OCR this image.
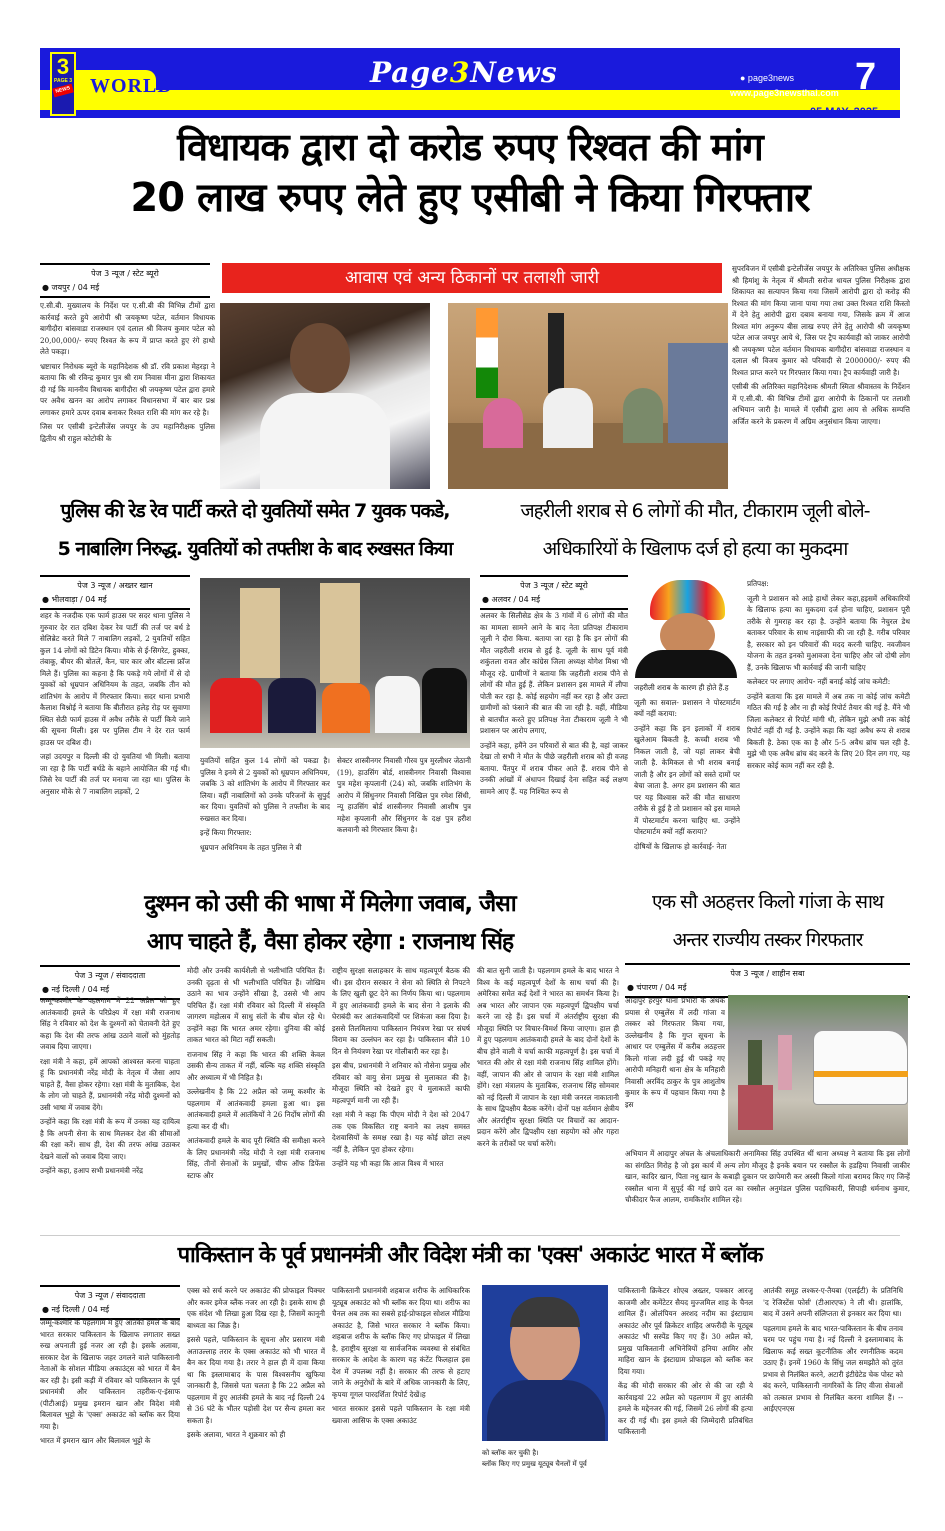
3
PAGE 3
NEWS WORLD	Page3News	● page3news
www.page3newsthai.com 7
05 MAY, 2025
विधायक द्वारा दो करोड रुपए रिश्वत की मांग
20 लाख रुपए लेते हुए एसीबी ने किया गिरफ्तार
पेज 3 न्यूज / स्टेट ब्यूरो
● जयपुर / 04 मई	आवास एवं अन्य ठिकानों पर तलाशी जारी

ए.सी.बी. मुख्यालय के निर्देश पर ए.सी.बी की विभिन्न टीमों द्वारा कार्रवाई करते हुये आरोपी श्री जयकृष्ण पटेल, वर्तमान विधायक बागीदौरा बांसवाडा राजस्थान एवं दलाल श्री विजय कुमार पटेल को 20,00,000/- रुपए रिश्वत के रूप में प्राप्त करते हुए रंगे हाथो लेते पकड़ा।

भ्रष्टाचार निरोधक ब्यूरो के महानिदेशक श्री डॉ. रवि प्रकाश मेहरड़ा ने बताया कि श्री रविन्द्र कुमार पुत्र श्री राम निवास मीना द्वारा शिकायत दी गई कि माननीय विधायक बागीदौरा श्री जयकृष्ण पटेल द्वारा हमारे पर अवैध खनन का आरोप लगाकर विधानसभा में बार बार प्रश्न लगाकर हमारे ऊपर दवाब बनाकर रिश्वत राशि की मांग कर रहे है।

जिस पर एसीबी इन्टेलीजेंस जयपुर के उप महानिरीक्षक पुलिस द्वितीय श्री राहुल कोटोकी के

सुपरविजन में एसीबी इन्टेलीजेंस जयपुर के अतिरिक्त पुलिस अधीक्षक श्री हिमांशु के नेतृत्व में श्रीमती सरोज धायल पुलिस निरीक्षक द्वारा शिकायत का सत्यापन किया गया जिसमें आरोपी द्वारा दो करोड़ की रिश्वत की मांग किया जाना पाया गया तथा उक्त रिश्वत राशि किस्तो में देने हेतु आरोपी द्वारा दबाव बनाया गया, जिसके क्रम में आज रिश्वत मांग अनुरूप बीस लाख रुपए लेने हेतु आरोपी श्री जयकृष्ण पटेल आज जयपुर आये थे, जिस पर ट्रैप कार्यवाही को जाकर आरोपी श्री जयकृष्ण पटेल वर्तमान विधायक बागीदौरा बांसवाडा राजस्थान व दलाल श्री विजय कुमार को परिवादी से 2000000/- रुपए की रिश्वत प्राप्त करने पर गिरफ्तार किया गया। ट्रैप कार्यवाही जारी है।

एसीबी की अतिरिक्त महानिदेशक श्रीमती स्मिता श्रीवास्तव के निर्देशन में ए.सी.बी. की विभिन्न टीमों द्वारा आरोपी के ठिकानों पर तलाशी अभियान जारी है। मामले में एसीबी द्वारा आय से अधिक सम्पत्ति अर्जित करने के प्रकरण में अग्रिम अनुसंधान किया जाएगा।

पुलिस की रेड रेव पार्टी करते दो युवतियों समेत 7 युवक पकडे,
5 नाबालिग निरुद्ध. युवतियों को तफ्तीश के बाद रुखसत किया
पेज 3 न्यूज / अख्तर खान
● भीलवाड़ा / 04 मई

शहर के नजदीक एक फार्म हाउस पर सदर थाना पुलिस ने गुरुवार देर रात दबिश देकर रेव पार्टी की तर्ज पर बर्थ डे सेलिब्रेट करते मिले 7 नाबालिग लड़कों, 2 युवतियों सहित कुल 14 लोगों को डिटेन किया। मौके से ई-सिगरेट, हुक्का, तंबाकू, बीयर की बोतलें, कैन, चार कार और बॉटल्स फ्रॉज मिले हैं। पुलिस का कहना है कि पकड़े गये लोगों में से दो युवकों को धूम्रपान अधिनियम के तहत, जबकि तीन को शांतिभंग के आरोप में गिरफ्तार किया। सदर थाना प्रभारी कैलाश विश्नोई ने बताया कि बीतीरात हलेड़ रोड़ पर सुवाणा स्थित सेठी फार्म हाउस में अवैध तरीके से पार्टी किये जाने की सूचना मिली। इस पर पुलिस टीम ने देर रात फार्म हाउस पर दबिश दी।

जहां उदयपुर व दिल्ली की दो युवतियां भी मिली। बताया जा रहा है कि पार्टी बर्थडे के बहाने आयोजित की गई थी। जिसे रेव पार्टी की तर्ज पर मनाया जा रहा था। पुलिस के अनुसार मौके से 7 नाबालिग लड़कों, 2

युवतियों सहित कुल 14 लोगों को पकडा है। पुलिस ने इनमे से 2 युवकों को धूम्रपान अधिनियम, जबकि 3 को शांतिभंग के आरोप में गिरफ्तार कर लिया। वहीं नाबालिगों को उनके परिजनों के सुपुर्द कर दिया। युवतियों को पुलिस ने तफ्तीश के बाद रुखसत कर दिया।

इन्हें किया गिरफ्तार:

धूम्रपान अधिनियम के तहत पुलिस ने बी

सेक्टर शास्त्रीनगर निवासी गौरव पुत्र मुरलीधर जेठानी (19), हाउसिंग बोर्ड, शास्त्रीनगर निवासी विश्वास पुत्र महेश कृपलानी (24) को, जबकि शांतिभंग के आरोप में सिंधुनगर निवासी निखिल पुत्र रमेश सिंधी, न्यू हाउसिंग बोर्ड शास्त्रीनगर निवासी आशीष पुत्र महेश कृपलानी और सिंधुनगर के दक्ष पुत्र हरीश कलवानी को गिरफ्तार किया है।

जहरीली शराब से 6 लोगों की मौत, टीकाराम जूली बोले-
अधिकारियों के खिलाफ दर्ज हो हत्या का मुकदमा
पेज 3 न्यूज / स्टेट ब्यूरो
● अलवर / 04 मई

अलवर के सिलीसेड क्षेत्र के 3 गांवों में 6 लोगों की मौत का मामला सामने आने के बाद नेता प्रतिपक्ष टीकाराम जूली ने दौरा किया. बताया जा रहा है कि इन लोगों की मौत जहरीली शराब से हुई है. जूली के साथ पूर्व मंत्री शकुंतला रावत और कांग्रेस जिला अध्यक्ष योगेश मिश्रा भी मौजूद रहे. ग्रामीणों ने बताया कि जहरीली शराब पीने से लोगों की मौत हुई हैं. लेकिन प्रशासन इस मामले में लीपा पोती कर रहा है. कोई सहयोग नहीं कर रहा है और उल्टा ग्रामीणों को फंसाने की बात की जा रही है. वहीं, मीडिया से बातचीत करते हुए प्रतिपक्ष नेता टीकाराम जूली ने भी प्रशासन पर आरोप लगाए,

उन्होंने कहा, हमैंने उन परिवारों से बात की है, वहां जाकर देखा तो सभी ने मौत के पीछे जहरीली शराब को ही वजह बताया. पैंतपुर में शराब पीकर आते हैं. शराब पीने से उनकी आंखों में अंधापन दिखाई देना सहित कई लक्षण सामने आए हैं. यह निश्चित रूप से

जहरीली शराब के कारण ही होते हैं.ह

जूली का सवाल- प्रशासन ने पोस्टमार्टम क्यों नहीं कराया:

उन्होंने कहा कि इन इलाकों में शराब खुलेआम बिकती है. कच्ची शराब भी निकल जाती है, जो यहां लाकर बेची जाती है. केमिकल से भी शराब बनाई जाती है और इन लोगों को सस्ते दामों पर बेचा जाता है. अगर हम प्रशासन की बात पर यह विश्वास करें की मौत साधारण तरीके से हुई है तो प्रशासन को इस मामले में पोस्टमार्टम करना चाहिए था. उन्होंने पोस्टमार्टम क्यों नहीं कराया?

दोषियों के खिलाफ हो कार्रवाई- नेता

प्रतिपक्ष:

जूली ने प्रशासन को आड़े हाथों लेकर कहा,हइसमें अधिकारियों के खिलाफ हत्या का मुकदमा दर्ज होना चाहिए, प्रशासन पूरी तरीके से गुमराह कर रहा है. उन्होंने बताया कि नेचुरल डेथ बताकर परिवार के साथ नाइंसाफी की जा रही है. गरीब परिवार है, सरकार को इन परिवारों की मदद करनी चाहिए. नवजीवन योजना के तहत इनको मुआवजा देना चाहिए और जो दोषी लोग हैं, उनके खिलाफ भी कार्रवाई की जानी चाहिए

कलेक्टर पर लगाए आरोप- नहीं बनाई कोई जांच कमेटी:

उन्होंने बताया कि इस मामले में अब तक ना कोई जांच कमेटी गठित की गई है और ना ही कोई रिपोर्ट तैयार की गई है. मैंने भी जिला कलेक्टर से रिपोर्ट मांगी थी, लेकिन मुझे अभी तक कोई रिपोर्ट नहीं दी गई है. उन्होंने कहा कि यहां अवैध रूप से शराब बिकती है. ठेका एक का है और 5-5 अवैध ब्रांच चल रही है. मुझे भी एक अवैध ब्रांच बंद करने के लिए 20 दिन लग गए, यह सरकार कोई काम नहीं कर रही है.

दुश्मन को उसी की भाषा में मिलेगा जवाब, जैसा
आप चाहते हैं, वैसा होकर रहेगा : राजनाथ सिंह
पेज 3 न्यूज / संवाददाता
● नई दिल्ली / 04 मई

जम्मू-कश्मीर के पहलगाम में 22 अप्रैल को हुए आतंकवादी हमले के परिप्रेक्ष्य में रक्षा मंत्री राजनाथ सिंह ने रविवार को देश के दुश्मनों को चेतावनी देते हुए कहा कि देश की तरफ आंख उठाने वालों को मुंहतोड़ जवाब दिया जाएगा।

रक्षा मंत्री ने कहा, हमें आपको आश्वस्त करना चाहता हूं कि प्रधानमंत्री नरेंद्र मोदी के नेतृत्व में जैसा आप चाहते हैं, वैसा होकर रहेगा। रक्षा मंत्री के मुताबिक, देश के लोग जो चाहते हैं, प्रधानमंत्री नरेंद्र मोदी दुश्मनों को उसी भाषा में जवाब देंगे।

उन्होंने कहा कि रक्षा मंत्री के रूप में उनका यह दायित्व है कि अपनी सेना के साथ मिलकर देश की सीमाओं की रक्षा करें। साथ ही, देश की तरफ आंख उठाकर देखने वालों को जवाब दिया जाए।

उन्होंने कहा, हआप सभी प्रधानमंत्री नरेंद्र

मोदी और उनकी कार्यशैली से भलीभांति परिचित हैं। उनकी दृढ़ता से भी भलीभांति परिचित हैं। जोखिम उठाने का भाव उन्होंने सीखा है, उससे भी आप परिचित हैं। रक्षा मंत्री रविवार को दिल्ली में संस्कृति जागरण महोत्सव में साधु संतों के बीच बोल रहे थे। उन्होंने कहा कि भारत अमर रहेगा। दुनिया की कोई ताकत भारत को मिटा नहीं सकती।

राजनाथ सिंह ने कहा कि भारत की शक्ति केवल उसकी सैन्य ताकत में नहीं, बल्कि यह शक्ति संस्कृति और अध्यात्म में भी निहित है।

उल्लेखनीय है कि 22 अप्रैल को जम्मू कश्मीर के पहलगाम में आतंकवादी हमला हुआ था। इस आतंकवादी हमले में आतंकियों ने 26 निर्दोष लोगों की हत्या कर दी थी।

आतंकवादी हमले के बाद पूरी स्थिति की समीक्षा करने के लिए प्रधानमंत्री नरेंद्र मोदी ने रक्षा मंत्री राजनाथ सिंह, तीनों सेनाओं के प्रमुखों, चीफ ऑफ डिफेंस स्टाफ और

राष्ट्रीय सुरक्षा सलाहकार के साथ महत्वपूर्ण बैठक की थी। इस दौरान सरकार ने सेना को स्थिति से निपटने के लिए खुली छूट देने का निर्णय किया था। पहलगाम में हुए आतंकवादी हमले के बाद सेना ने इलाके की घेराबंदी कर आतंकवादियों पर शिकंजा कस दिया है। इससे तिलमिलाया पाकिस्तान नियंत्रण रेखा पर संघर्ष विराम का उल्लंघन कर रहा है। पाकिस्तान बीते 10 दिन से नियंत्रण रेखा पर गोलीबारी कर रहा है।

इस बीच, प्रधानमंत्री ने शनिवार को नौसेना प्रमुख और रविवार को वायु सेना प्रमुख से मुलाकात की है। मौजूदा स्थिति को देखते हुए ये मुलाकातें काफी महत्वपूर्ण मानी जा रही हैं।

रक्षा मंत्री ने कहा कि पीएम मोदी ने देश को 2047 तक एक विकसित राष्ट्र बनाने का लक्ष्य समस्त देशवासियों के समक्ष रखा है। यह कोई छोटा लक्ष्य नहीं है, लेकिन पूरा होकर रहेगा।

उन्होंने यह भी कहा कि आज विश्व में भारत

की बात सुनी जाती है। पहलगाम हमले के बाद भारत ने विश्व के कई महत्वपूर्ण देशों के साथ चर्चा की है। अमेरिका समेत कई देशों ने भारत का समर्थन किया है। अब भारत और जापान एक महत्वपूर्ण द्विपक्षीय चर्चा करने जा रहे हैं। इस चर्चा में अंतर्राष्ट्रीय सुरक्षा की मौजूदा स्थिति पर विचार-विमर्श किया जाएगा। हाल ही में हुए पहलगाम आतंकवादी हमले के बाद दोनों देशों के बीच होने वाली ये चर्चा काफी महत्वपूर्ण है। इस चर्चा में भारत की ओर से रक्षा मंत्री राजनाथ सिंह शामिल होंगे। वहीं, जापान की ओर से जापान के रक्षा मंत्री शामिल होंगे। रक्षा मंत्रालय के मुताबिक, राजनाथ सिंह सोमवार को नई दिल्ली में जापान के रक्षा मंत्री जनरल नाकातानी के साथ द्विपक्षीय बैठक करेंगे। दोनों पक्ष वर्तमान क्षेत्रीय और अंतर्राष्ट्रीय सुरक्षा स्थिति पर विचारों का आदान-प्रदान करेंगे और द्विपक्षीय रक्षा सहयोग को और गहरा करने के तरीकों पर चर्चा करेंगे।

एक सौ अठहत्तर किलो गांजा के साथ
अन्तर राज्यीय तस्कर गिरफतार
पेज 3 न्यूज / शाहीन सबा
● चंपारण / 04 मई

आदापुर हरपुर थाना प्रभारी के अथक प्रयास से एम्बुलेंस में लदी गांजा व तस्कर को गिरफतार किया गया, उल्लेखनीय है कि गुप्त सूचना के आधार पर एम्बुलेंस में करीब अठहत्तर किलो गांजा लदी हुई थी पकड़े गए आरोपी मनिहारी थाना क्षेत्र के मनिहारी निवासी अरविंद ठाकुर के पुत्र आशुतोष कुमार के रूप में पहचान किया गया है इस

अभियान में आदापुर अंचल के अंचलाधिकारी अनामिका सिंह उपस्थित थीं थाना अध्यक्ष ने बताया कि इस लोगों का संगठित गिरोह है जो इस कार्य में अन्य लोग मौजूद है इनके बयान पर रक्सौल के हडहिया निवासी जाकीर खान, कादिर खान, पिता नधु खान के कबाड़ी दुकान पर छापेमारी कर अस्सी किलो गांजा बरामद किए गए जिन्हें रक्सौल थाना में सुपूर्द की गई छापे दल का रक्सौल अनुमंडल पुलिस पदाधिकारी, सिपाही धर्मनाथ कुमार, चौकीदार फैज आलम, रामकिशोर शामिल रहे।

पाकिस्तान के पूर्व प्रधानमंत्री और विदेश मंत्री का 'एक्स' अकाउंट भारत में ब्लॉक
पेज 3 न्यूज / संवाददाता
● नई दिल्ली / 04 मई

जम्मू-कश्मीर के पहलगाम में हुए आतंकी हमले के बाद भारत सरकार पाकिस्तान के खिलाफ लगातार सख्त रुख अपनाती हुई नजर आ रही है। इसके अलावा, सरकार देश के खिलाफ जहर उगलने वाले पाकिस्तानी नेताओं के सोशल मीडिया अकाउंट्स को भारत में बैन कर रही है। इसी कड़ी में रविवार को पाकिस्तान के पूर्व प्रधानमंत्री और पाकिस्तान तहरीक-ए-इंसाफ (पीटीआई) प्रमुख इमरान खान और विदेश मंत्री बिलावल भुट्टो के 'एक्स' अकाउंट को ब्लॉक कर दिया गया है।

भारत में इमरान खान और बिलावल भुट्टो के

एक्स को सर्च करने पर अकाउंट की प्रोफाइल पिक्चर और कवर इमेज ब्लैंक नजर आ रही है। इसके साथ ही एक संदेश भी लिखा हुआ दिख रहा है, जिसमें कानूनी बाध्यता का जिक्र है।

इससे पहले, पाकिस्तान के सूचना और प्रसारण मंत्री अताउल्लाह तरार के एक्स अकाउंट को भी भारत में बैन कर दिया गया है। तरार ने हाल ही में दावा किया था कि इस्लामाबाद के पास विश्वसनीय खुफिया जानकारी है, जिससे पता चलता है कि 22 अप्रैल को पहलगाम में हुए आतंकी हमले के बाद नई दिल्ली 24 से 36 घंटे के भीतर पड़ोसी देश पर सैन्य हमला कर सकता है।

इसके अलावा, भारत ने शुक्रवार को ही

पाकिस्तानी प्रधानमंत्री शहबाज शरीफ के आधिकारिक यूट्यूब अकाउंट को भी ब्लॉक कर दिया था। शरीफ का चैनल अब तक का सबसे हाई-प्रोफाइल सोशल मीडिया अकाउंट है, जिसे भारत सरकार ने ब्लॉक किया। शहबाज शरीफ के ब्लॉक किए गए प्रोफाइल में लिखा है, हराष्ट्रीय सुरक्षा या सार्वजनिक व्यवस्था से संबंधित सरकार के आदेश के कारण यह कंटेंट फिलहाल इस देश में उपलब्ध नहीं है। सरकार की तरफ से हटाए जाने के अनुरोधों के बारे में अधिक जानकारी के लिए, कृपया गूगल पारदर्शिता रिपोर्ट देखें।ह

भारत सरकार इससे पहले पाकिस्तान के रक्षा मंत्री ख्वाजा आसिफ के एक्स अकाउंट

को ब्लॉक कर चुकी है।
ब्लॉक किए गए प्रमुख यूट्यूब चैनलों में पूर्व

पाकिस्तानी क्रिकेटर शोएब अख्तर, पत्रकार आरजू काजमी और कमेंटेटर सैयद मुज्जमिल शाह के चैनल शामिल हैं। ओलंपियन अरशद नदीम का इंस्टाग्राम अकाउंट और पूर्व क्रिकेटर शाहिद अफरीदी के यूट्यूब अकाउंट भी सस्पेंड किए गए हैं। 30 अप्रैल को, प्रमुख पाकिस्तानी अभिनेत्रियों हनिया आमिर और माहिरा खान के इंस्टाग्राम प्रोफाइल को ब्लॉक कर दिया गया।

केंद्र की मोदी सरकार की ओर से की जा रही ये कार्रवाइयां 22 अप्रैल को पहलगाम में हुए आतंकी हमले के मद्देनजर की गई, जिसमें 26 लोगों की हत्या कर दी गई थी। इस हमले की जिम्मेदारी प्रतिबंधित पाकिस्तानी

आतंकी समूह लश्कर-ए-तैयबा (एलईटी) के प्रतिनिधि 'द रेजिस्टेंस फोर्स' (टीआरएफ) ने ली थी। हालांकि, बाद में उसने अपनी संलिप्तता से इनकार कर दिया था।

पहलगाम हमले के बाद भारत-पाकिस्तान के बीच तनाव चरम पर पहुंच गया है। नई दिल्ली ने इस्लामाबाद के खिलाफ कई सख्त कूटनीतिक और रणनीतिक कदम उठाए हैं। इनमें 1960 के सिंधु जल समझौते को तुरंत प्रभाव से निलंबित करने, अटारी इंटीग्रेटेड चेक पोस्ट को बंद करने, पाकिस्तानी नागरिकों के लिए वीजा सेवाओं को तत्काल प्रभाव से निलंबित करना शामिल हैं। --आईएएनएस
